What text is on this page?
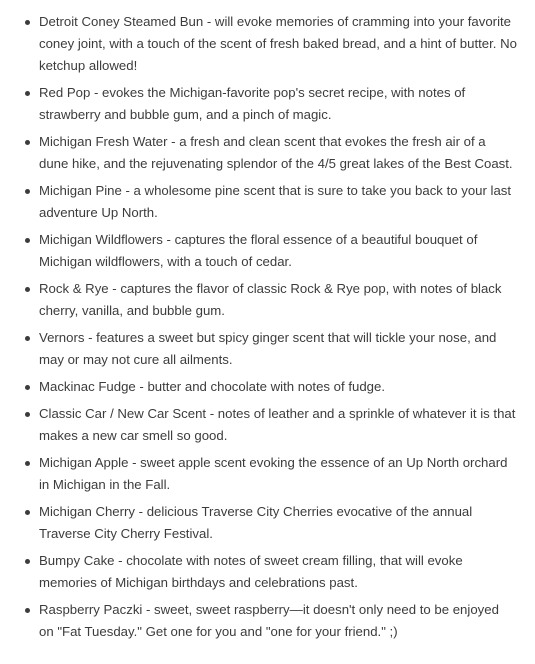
Detroit Coney Steamed Bun - will evoke memories of cramming into your favorite coney joint, with a touch of the scent of fresh baked bread, and a hint of butter. No ketchup allowed!
Red Pop - evokes the Michigan-favorite pop's secret recipe, with notes of strawberry and bubble gum, and a pinch of magic.
Michigan Fresh Water - a fresh and clean scent that evokes the fresh air of a dune hike, and the rejuvenating splendor of the 4/5 great lakes of the Best Coast.
Michigan Pine - a wholesome pine scent that is sure to take you back to your last adventure Up North.
Michigan Wildflowers - captures the floral essence of a beautiful bouquet of Michigan wildflowers, with a touch of cedar.
Rock & Rye - captures the flavor of classic Rock & Rye pop, with notes of black cherry, vanilla, and bubble gum.
Vernors - features a sweet but spicy ginger scent that will tickle your nose, and may or may not cure all ailments.
Mackinac Fudge - butter and chocolate with notes of fudge.
Classic Car / New Car Scent - notes of leather and a sprinkle of whatever it is that makes a new car smell so good.
Michigan Apple - sweet apple scent evoking the essence of an Up North orchard in Michigan in the Fall.
Michigan Cherry - delicious Traverse City Cherries evocative of the annual Traverse City Cherry Festival.
Bumpy Cake - chocolate with notes of sweet cream filling, that will evoke memories of Michigan birthdays and celebrations past.
Raspberry Paczki - sweet, sweet raspberry—it doesn't only need to be enjoyed on "Fat Tuesday." Get one for you and "one for your friend." ;)
